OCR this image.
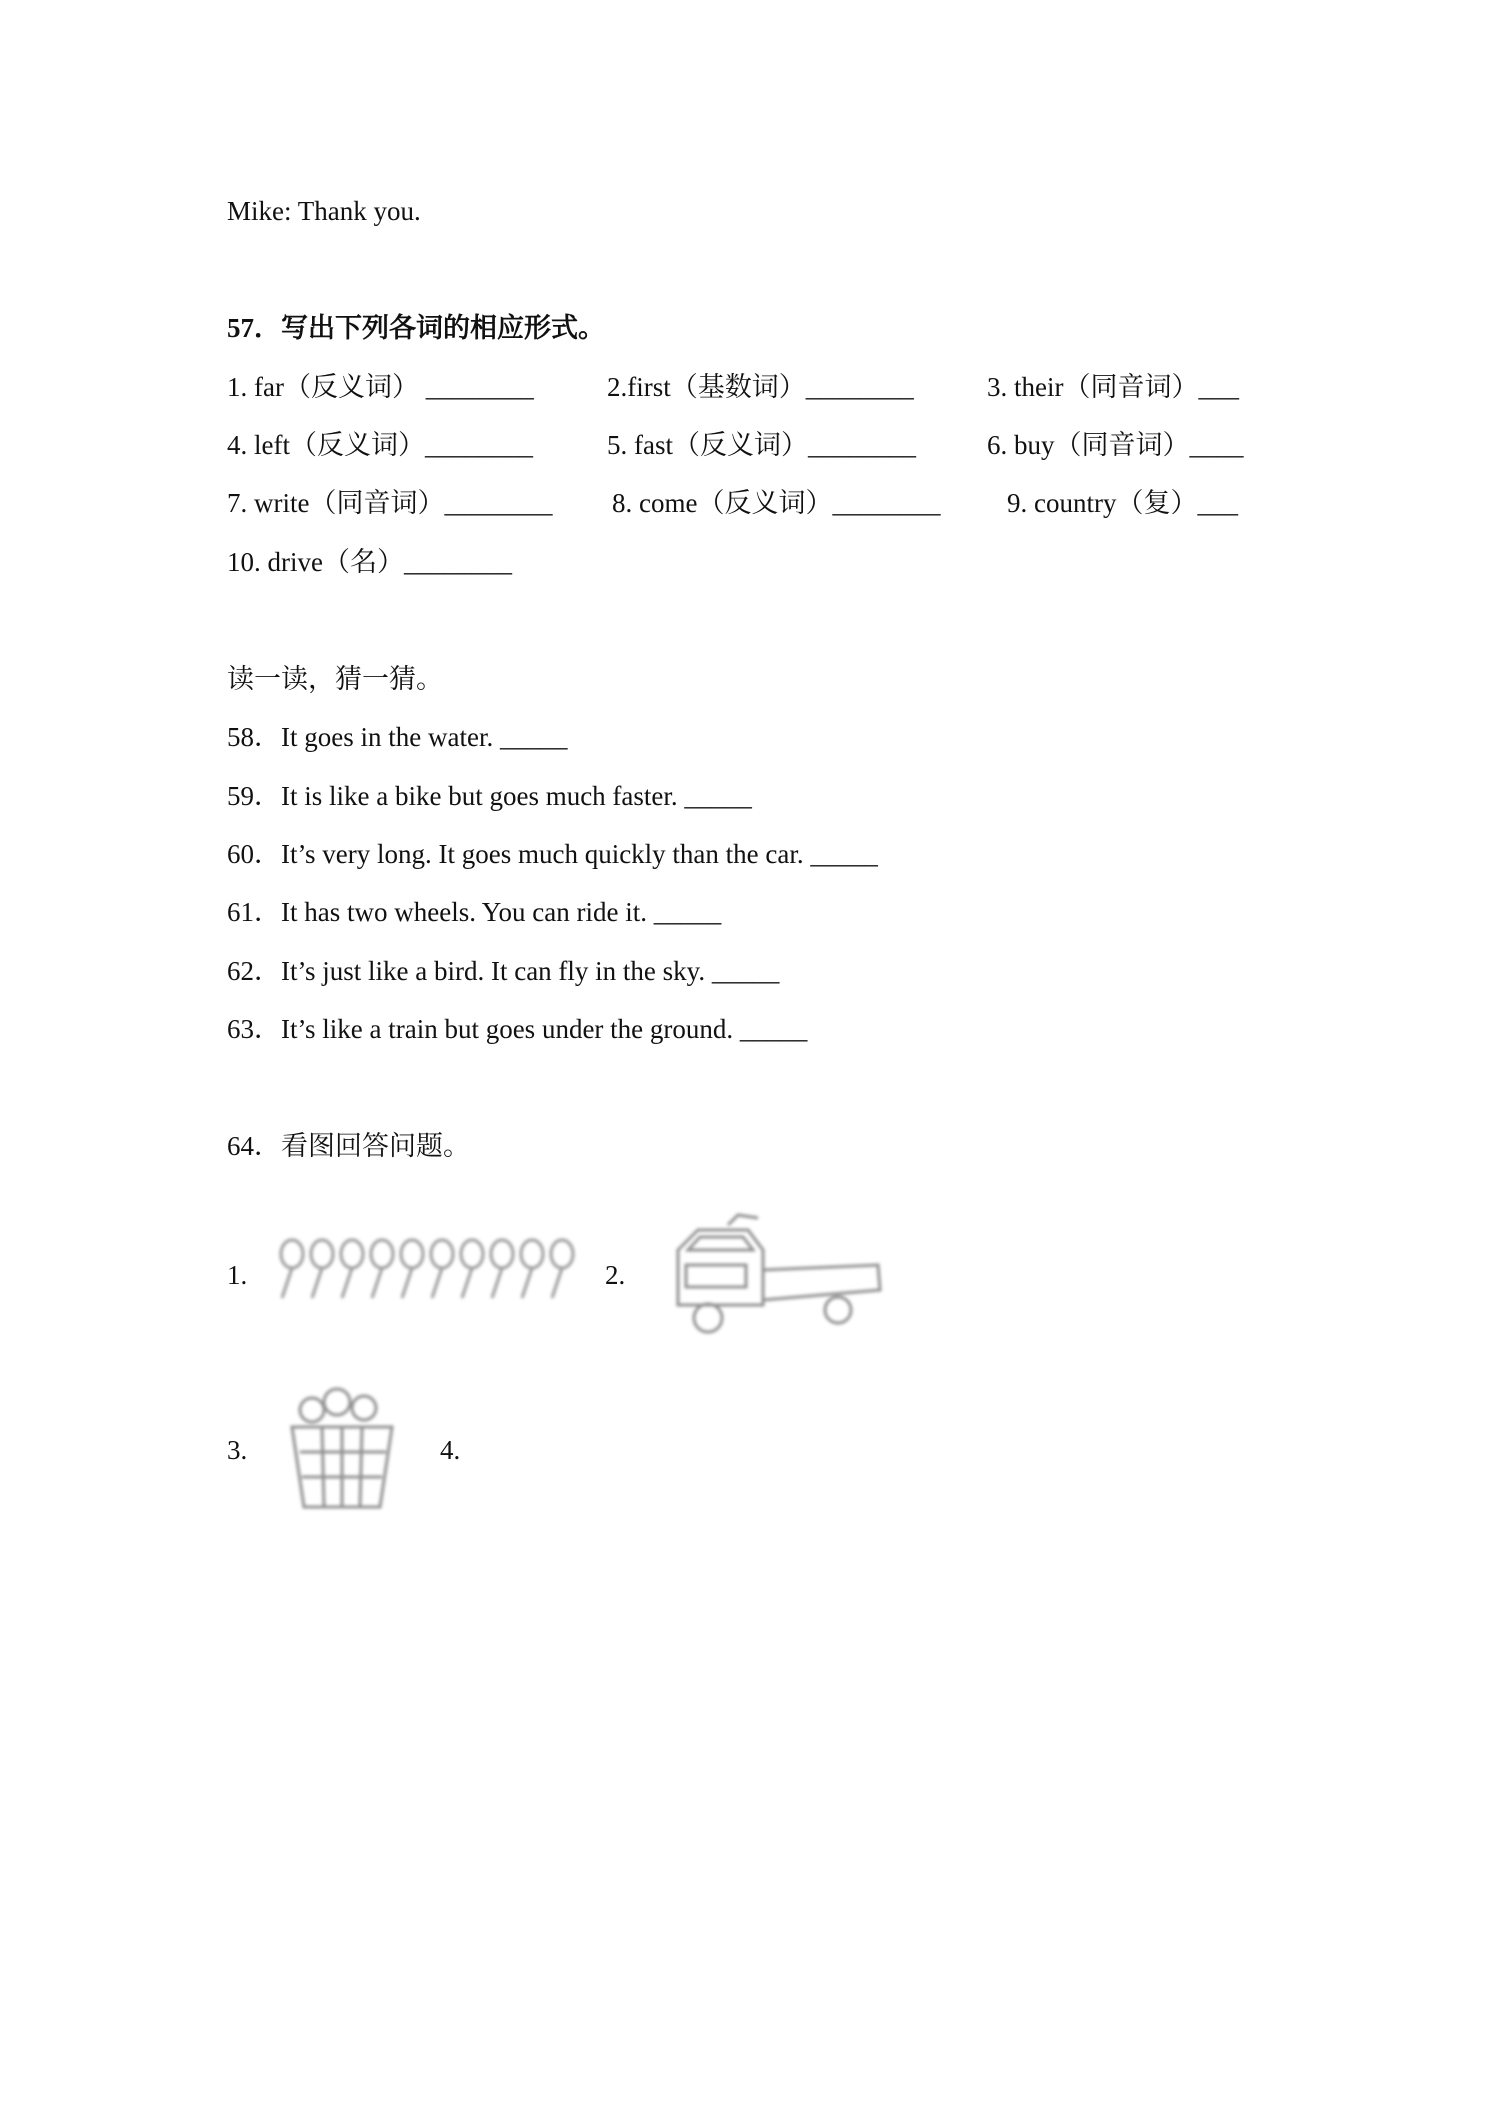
Mike: Thank you.
57．写出下列各词的相应形式。
1. far（反义词） ________	2.first（基数词）________	3. their（同音词）___
4. left（反义词）________	5. fast（反义词）________	6. buy（同音词）____
7. write（同音词）________ 8. come（反义词）________ 9. country（复）___
10. drive（名）________
读一读，猜一猜。
58．It goes in the water. _____
59．It is like a bike but goes much faster. _____
60．It’s very long. It goes much quickly than the car. _____
61．It has two wheels. You can ride it. _____
62．It’s just like a bird. It can fly in the sky. _____
63．It’s like a train but goes under the ground. _____
64．看图回答问题。
1.	2.
3.	4.
